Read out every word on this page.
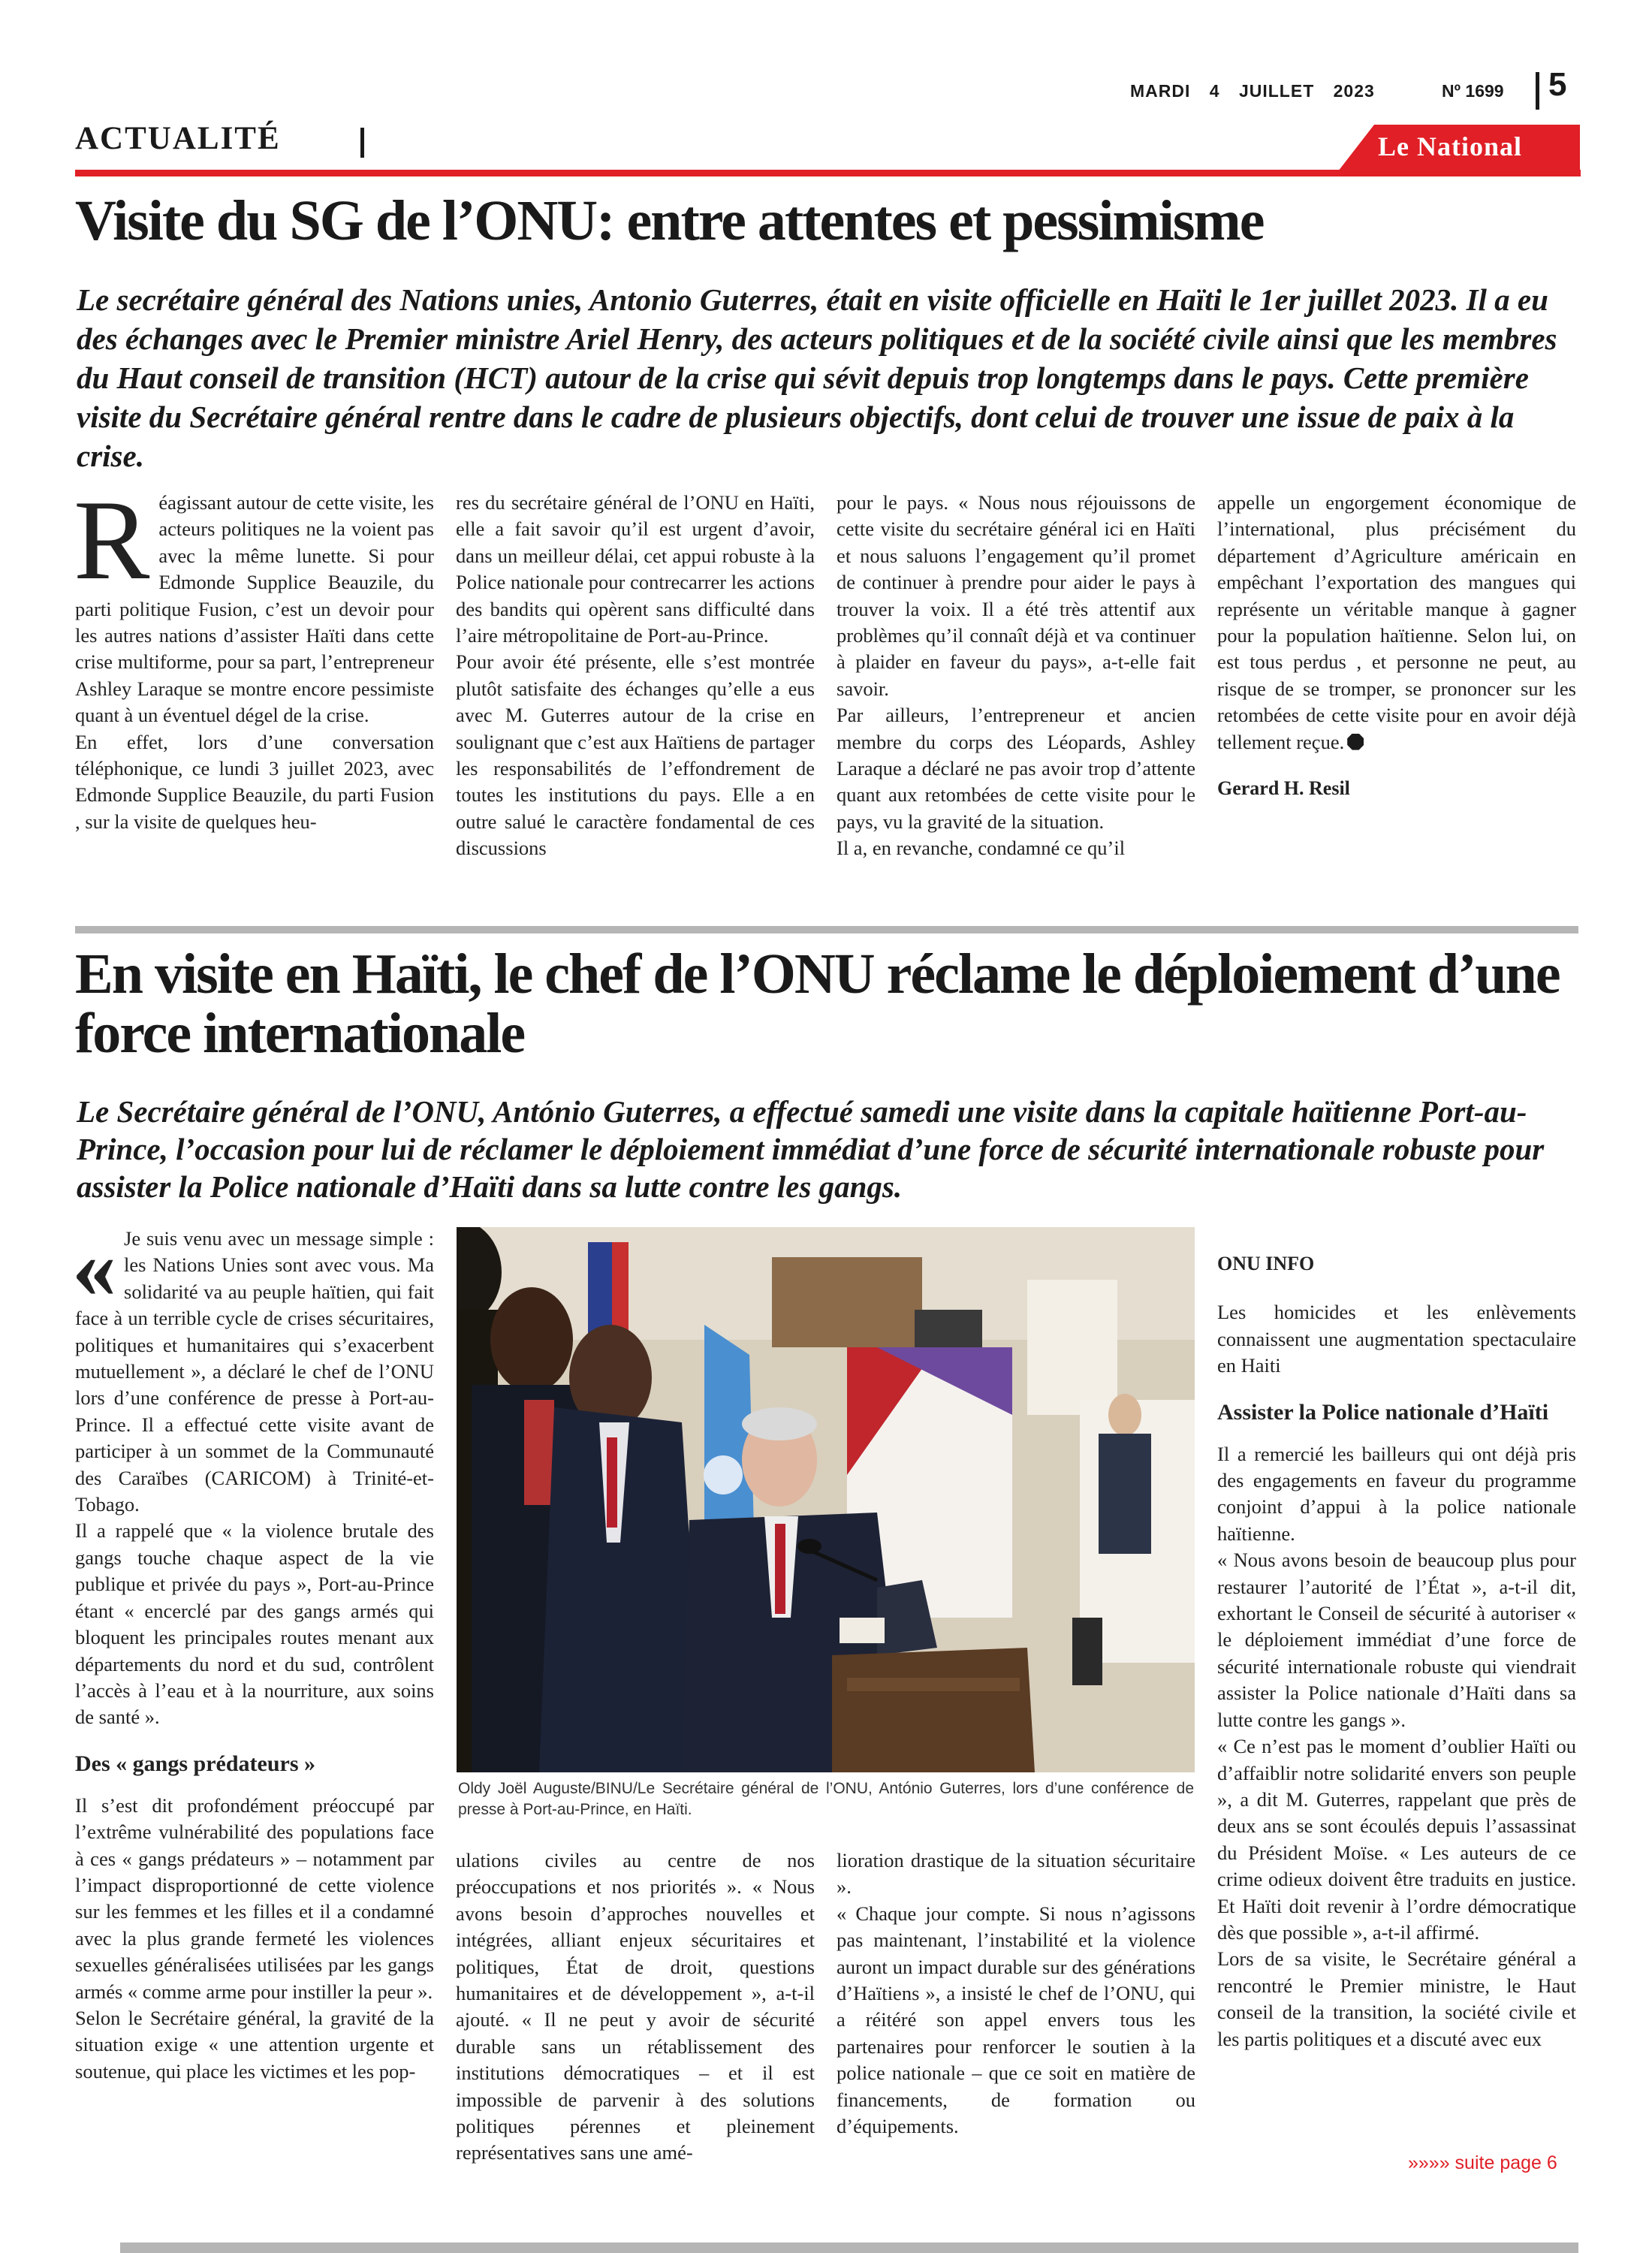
MARDI 4 JUILLET 2023	Nº 1699 5
ACTUALITÉ	Le National
Visite du SG de l’ONU: entre attentes et pessimisme
Le secrétaire général des Nations unies, Antonio Guterres, était en visite officielle en Haïti le 1er juillet 2023. Il a eu des échanges avec le Premier ministre Ariel Henry, des acteurs politiques et de la société civile ainsi que les membres du Haut conseil de transition (HCT) autour de la crise qui sévit depuis trop longtemps dans le pays. Cette première visite du Secrétaire général rentre dans le cadre de plusieurs objectifs, dont celui de trouver une issue de paix à la crise.
R éagissant autour de cette visite, les acteurs politiques ne la voient pas avec la même lunette. Si pour Edmonde Supplice Beauzile, du parti politique Fusion, c’est un devoir pour les autres nations d’assister Haïti dans cette crise multiforme, pour sa part, l’entrepreneur Ashley Laraque se montre encore pessimiste quant à un éventuel dégel de la crise.

En effet, lors d’une conversation téléphonique, ce lundi 3 juillet 2023, avec Edmonde Supplice Beauzile, du parti Fusion , sur la visite de quelques heu-

res du secrétaire général de l’ONU en Haïti, elle a fait savoir qu’il est urgent d’avoir, dans un meilleur délai, cet appui robuste à la Police nationale pour contrecarrer les actions des bandits qui opèrent sans difficulté dans l’aire métropolitaine de Port-au-Prince.

Pour avoir été présente, elle s’est montrée plutôt satisfaite des échanges qu’elle a eus avec M. Guterres autour de la crise en soulignant que c’est aux Haïtiens de partager les responsabilités de l’effondrement de toutes les institutions du pays. Elle a en outre salué le caractère fondamental de ces discussions

pour le pays. « Nous nous réjouissons de cette visite du secrétaire général ici en Haïti et nous saluons l’engagement qu’il promet de continuer à prendre pour aider le pays à trouver la voix. Il a été très attentif aux problèmes qu’il connaît déjà et va continuer à plaider en faveur du pays», a-t-elle fait savoir.

Par ailleurs, l’entrepreneur et ancien membre du corps des Léopards, Ashley Laraque a déclaré ne pas avoir trop d’attente quant aux retombées de cette visite pour le pays, vu la gravité de la situation.

Il a, en revanche, condamné ce qu’il

appelle un engorgement économique de l’international, plus précisément du département d’Agriculture américain en empêchant l’exportation des mangues qui représente un véritable manque à gagner pour la population haïtienne. Selon lui, on est tous perdus , et personne ne peut, au risque de se tromper, se prononcer sur les retombées de cette visite pour en avoir déjà tellement reçue.

Gerard H. Resil

En visite en Haïti, le chef de l’ONU réclame le déploiement d’une force internationale
Le Secrétaire général de l’ONU, António Guterres, a effectué samedi une visite dans la capitale haïtienne Port-au-Prince, l’occasion pour lui de réclamer le déploiement immédiat d’une force de sécurité internationale robuste pour assister la Police nationale d’Haïti dans sa lutte contre les gangs.
« Je suis venu avec un message simple : les Nations Unies sont avec vous. Ma solidarité va au peuple haïtien, qui fait face à un terrible cycle de crises sécuritaires, politiques et humanitaires qui s’exacerbent mutuellement », a déclaré le chef de l’ONU lors d’une conférence de presse à Port-au-Prince. Il a effectué cette visite avant de participer à un sommet de la Communauté des Caraïbes (CARICOM) à Trinité-et-Tobago.

Il a rappelé que « la violence brutale des gangs touche chaque aspect de la vie publique et privée du pays », Port-au-Prince étant « encerclé par des gangs armés qui bloquent les principales routes menant aux départements du nord et du sud, contrôlent l’accès à l’eau et à la nourriture, aux soins de santé ».

Des « gangs prédateurs »

Il s’est dit profondément préoccupé par l’extrême vulnérabilité des populations face à ces « gangs prédateurs » – notamment par l’impact disproportionné de cette violence sur les femmes et les filles et il a condamné avec la plus grande fermeté les violences sexuelles généralisées utilisées par les gangs armés « comme arme pour instiller la peur ».

Selon le Secrétaire général, la gravité de la situation exige « une attention urgente et soutenue, qui place les victimes et les pop-

Oldy Joël Auguste/BINU/Le Secrétaire général de l’ONU, António Guterres, lors d’une conférence de presse à Port-au-Prince, en Haïti.

ulations civiles au centre de nos préoccupations et nos priorités ». « Nous avons besoin d’approches nouvelles et intégrées, alliant enjeux sécuritaires et politiques, État de droit, questions humanitaires et de développement », a-t-il ajouté. « Il ne peut y avoir de sécurité durable sans un rétablissement des institutions démocratiques – et il est impossible de parvenir à des solutions politiques pérennes et pleinement représentatives sans une amé-

lioration drastique de la situation sécuritaire ».

« Chaque jour compte. Si nous n’agissons pas maintenant, l’instabilité et la violence auront un impact durable sur des générations d’Haïtiens », a insisté le chef de l’ONU, qui a réitéré son appel envers tous les partenaires pour renforcer le soutien à la police nationale – que ce soit en matière de financements, de formation ou d’équipements.

ONU INFO

Les homicides et les enlèvements connaissent une augmentation spectaculaire en Haiti

Assister la Police nationale d’Haïti

Il a remercié les bailleurs qui ont déjà pris des engagements en faveur du programme conjoint d’appui à la police nationale haïtienne.

« Nous avons besoin de beaucoup plus pour restaurer l’autorité de l’État », a-t-il dit, exhortant le Conseil de sécurité à autoriser « le déploiement immédiat d’une force de sécurité internationale robuste qui viendrait assister la Police nationale d’Haïti dans sa lutte contre les gangs ».

« Ce n’est pas le moment d’oublier Haïti ou d’affaiblir notre solidarité envers son peuple », a dit M. Guterres, rappelant que près de deux ans se sont écoulés depuis l’assassinat du Président Moïse. « Les auteurs de ce crime odieux doivent être traduits en justice. Et Haïti doit revenir à l’ordre démocratique dès que possible », a-t-il affirmé.

Lors de sa visite, le Secrétaire général a rencontré le Premier ministre, le Haut conseil de la transition, la société civile et les partis politiques et a discuté avec eux

»»»» suite page 6
